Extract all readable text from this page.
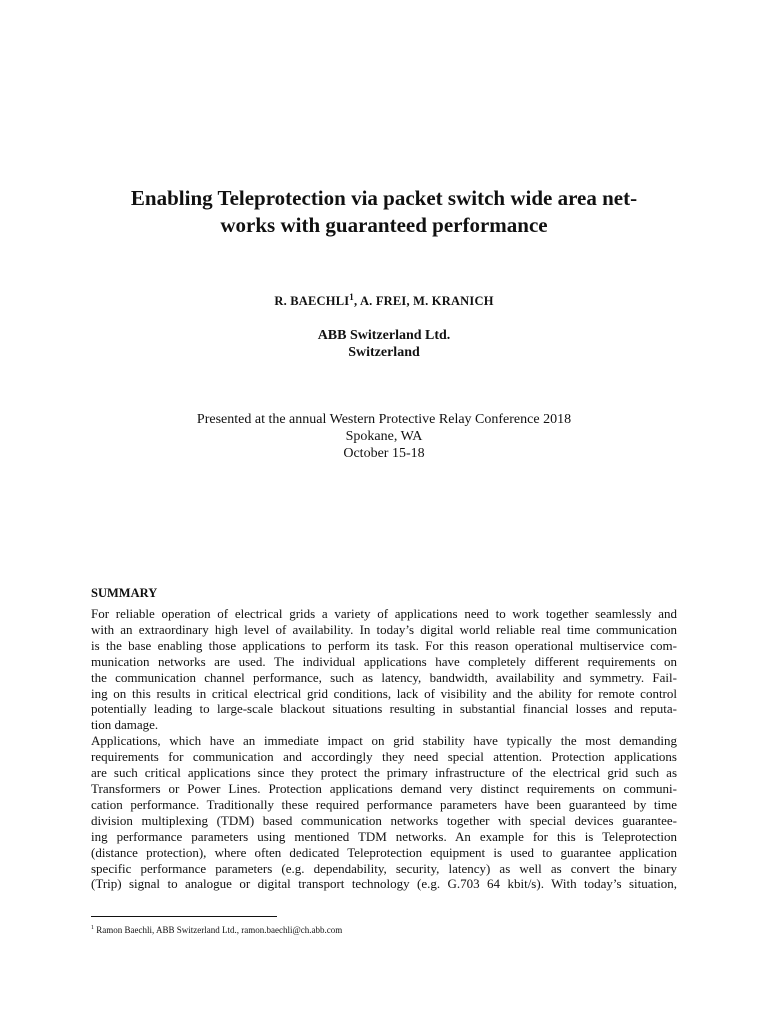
Enabling Teleprotection via packet switch wide area net-
works with guaranteed performance
R. BAECHLI$^1$, A. FREI, M. KRANICH
ABB Switzerland Ltd.
Switzerland
Presented at the annual Western Protective Relay Conference 2018
Spokane, WA
October 15-18
SUMMARY
For reliable operation of electrical grids a variety of applications need to work together seamlessly and
with an extraordinary high level of availability. In today’s digital world reliable real time communication
is the base enabling those applications to perform its task. For this reason operational multiservice com-
munication networks are used. The individual applications have completely different requirements on
the communication channel performance, such as latency, bandwidth, availability and symmetry. Fail-
ing on this results in critical electrical grid conditions, lack of visibility and the ability for remote control
potentially leading to large-scale blackout situations resulting in substantial financial losses and reputa-
tion damage.
Applications, which have an immediate impact on grid stability have typically the most demanding
requirements for communication and accordingly they need special attention. Protection applications
are such critical applications since they protect the primary infrastructure of the electrical grid such as
Transformers or Power Lines. Protection applications demand very distinct requirements on communi-
cation performance. Traditionally these required performance parameters have been guaranteed by time
division multiplexing (TDM) based communication networks together with special devices guarantee-
ing performance parameters using mentioned TDM networks. An example for this is Teleprotection
(distance protection), where often dedicated Teleprotection equipment is used to guarantee application
specific performance parameters (e.g. dependability, security, latency) as well as convert the binary
(Trip) signal to analogue or digital transport technology (e.g. G.703 64 kbit/s). With today’s situation,
$^1$ Ramon Baechli, ABB Switzerland Ltd., ramon.baechli@ch.abb.com
